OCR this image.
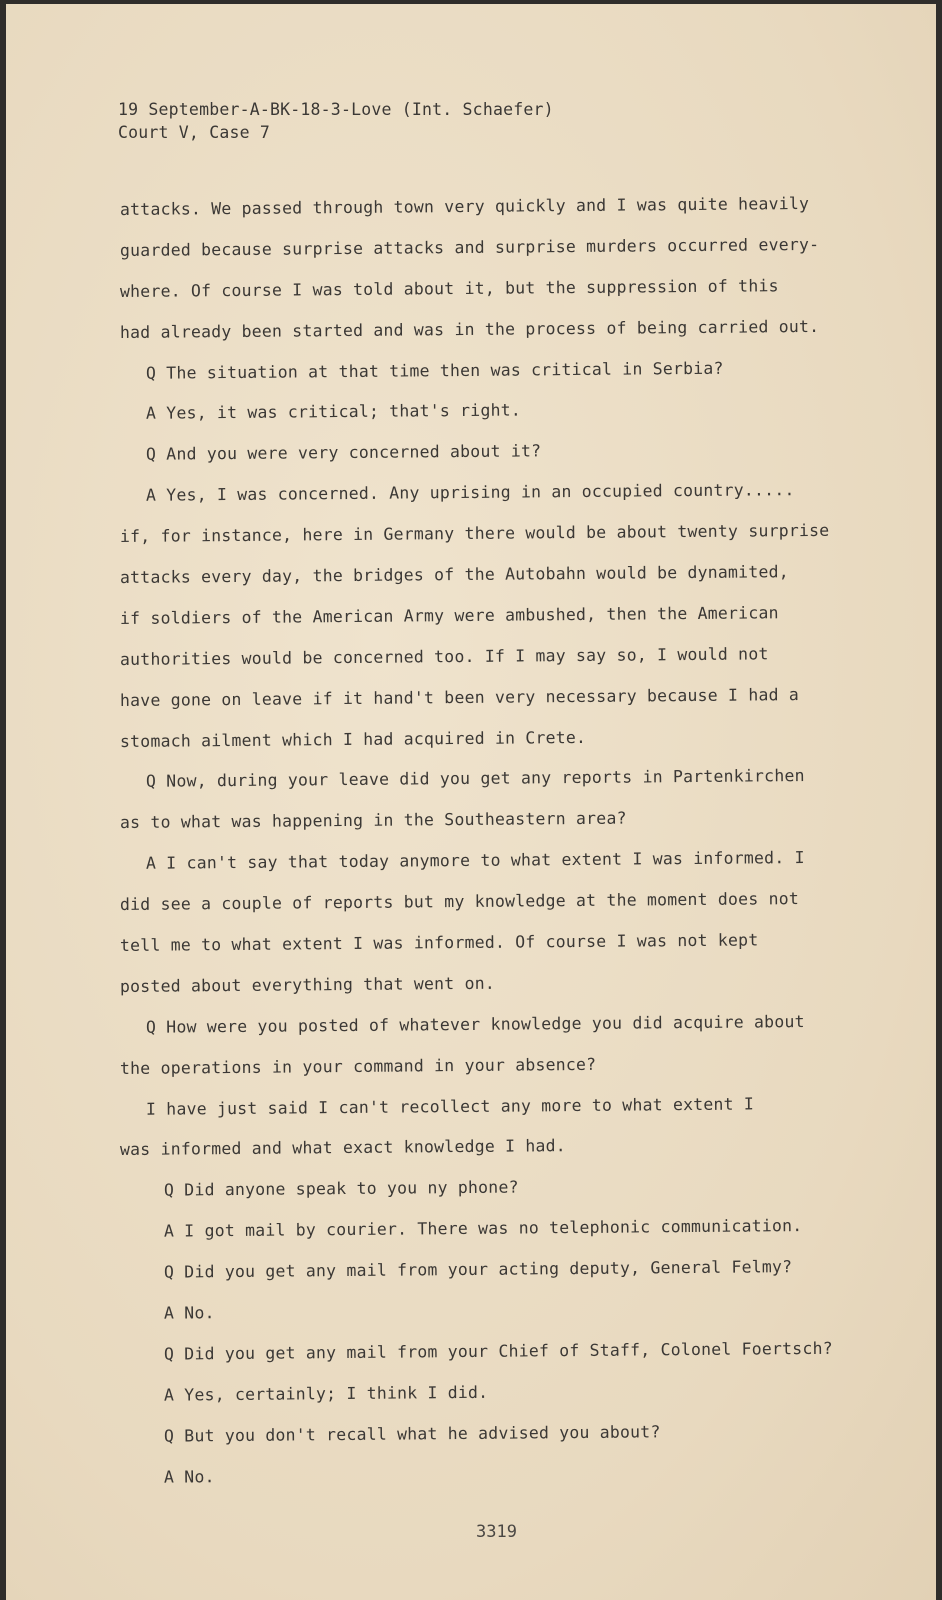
19 September-A-BK-18-3-Love (Int. Schaefer)
Court V, Case 7
attacks. We passed through town very quickly and I was quite heavily
guarded because surprise attacks and surprise murders occurred every-
where. Of course I was told about it, but the suppression of this
had already been started and was in the process of being carried out.
Q The situation at that time then was critical in Serbia?
A Yes, it was critical; that's right.
Q And you were very concerned about it?
A Yes, I was concerned. Any uprising in an occupied country.....
if, for instance, here in Germany there would be about twenty surprise
attacks every day, the bridges of the Autobahn would be dynamited,
if soldiers of the American Army were ambushed, then the American
authorities would be concerned too. If I may say so, I would not
have gone on leave if it hand't been very necessary because I had a
stomach ailment which I had acquired in Crete.
Q Now, during your leave did you get any reports in Partenkirchen
as to what was happening in the Southeastern area?
A I can't say that today anymore to what extent I was informed. I
did see a couple of reports but my knowledge at the moment does not
tell me to what extent I was informed. Of course I was not kept
posted about everything that went on.
Q How were you posted of whatever knowledge you did acquire about
the operations in your command in your absence?
I have just said I can't recollect any more to what extent I
was informed and what exact knowledge I had.
Q Did anyone speak to you ny phone?
A I got mail by courier. There was no telephonic communication.
Q Did you get any mail from your acting deputy, General Felmy?
A No.
Q Did you get any mail from your Chief of Staff, Colonel Foertsch?
A Yes, certainly; I think I did.
Q But you don't recall what he advised you about?
A No.
3319
